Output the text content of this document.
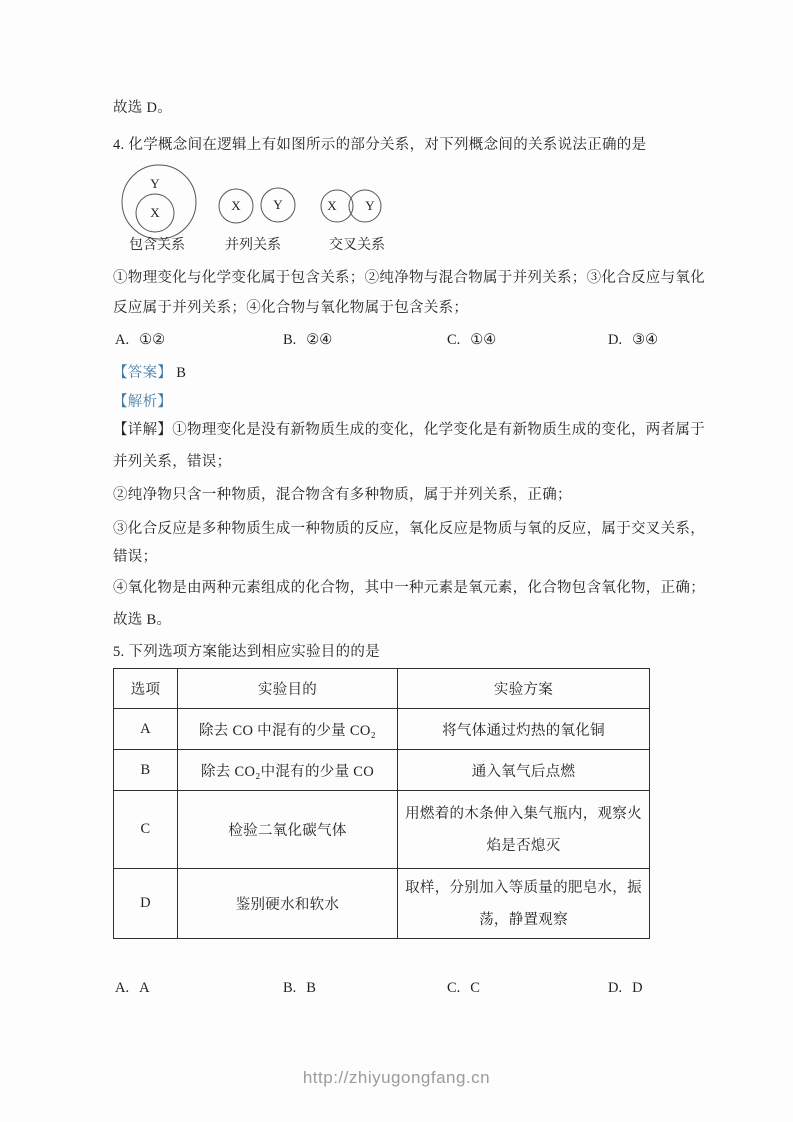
故选 D。
4. 化学概念间在逻辑上有如图所示的部分关系，对下列概念间的关系说法正确的是
Y
X
包含关系
X	Y
并列关系
X Y
交叉关系
①物理变化与化学变化属于包含关系；②纯净物与混合物属于并列关系；③化合反应与氧化
反应属于并列关系；④化合物与氧化物属于包含关系；
A. ①②	B. ②④	C. ①④	D. ③④
【答案】 B
【解析】
【详解】①物理变化是没有新物质生成的变化，化学变化是有新物质生成的变化，两者属于
并列关系，错误；
②纯净物只含一种物质，混合物含有多种物质，属于并列关系，正确；
③化合反应是多种物质生成一种物质的反应，氧化反应是物质与氧的反应，属于交叉关系，
错误；
④氧化物是由两种元素组成的化合物，其中一种元素是氧元素，化合物包含氧化物，正确；
故选 B。
5. 下列选项方案能达到相应实验目的的是
选项	实验目的	实验方案
A	除去 CO 中混有的少量 CO₂	将气体通过灼热的氧化铜
B	除去 CO₂中混有的少量 CO	通入氧气后点燃
C	检验二氧化碳气体	用燃着的木条伸入集气瓶内，观察火
焰是否熄灭

D	鉴别硬水和软水	取样，分别加入等质量的肥皂水，振
荡，静置观察
A. A	B. B	C. C	D. D
http://zhiyugongfang.cn
